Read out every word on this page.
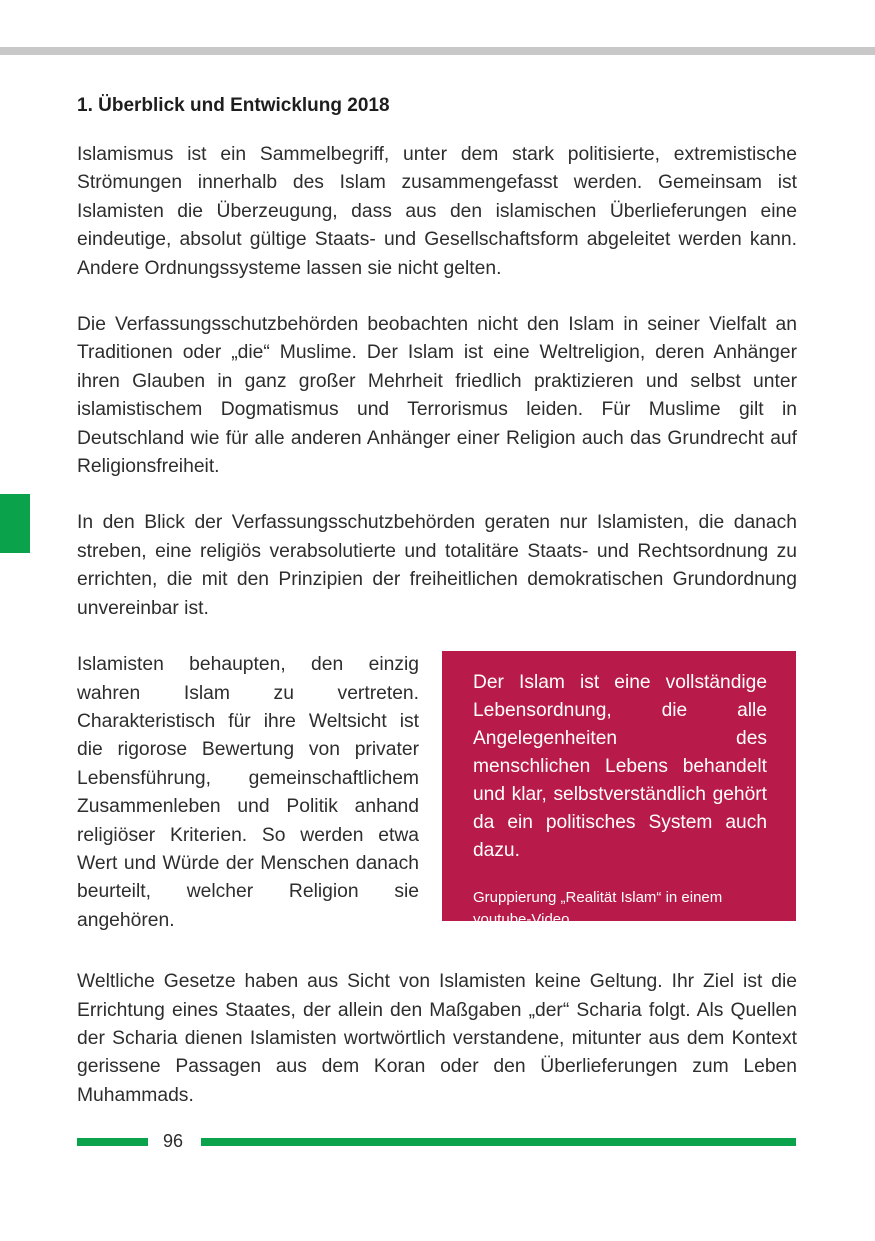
1. Überblick und Entwicklung 2018

Islamismus ist ein Sammelbegriff, unter dem stark politisierte, extremistische Strömungen innerhalb des Islam zusammengefasst werden. Gemeinsam ist Islamisten die Überzeugung, dass aus den islamischen Überlieferungen eine eindeutige, absolut gültige Staats- und Gesellschaftsform abgeleitet werden kann. Andere Ordnungssysteme lassen sie nicht gelten.

Die Verfassungsschutzbehörden beobachten nicht den Islam in seiner Vielfalt an Traditionen oder „die“ Muslime. Der Islam ist eine Weltreligion, deren Anhänger ihren Glauben in ganz großer Mehrheit friedlich praktizieren und selbst unter islamistischem Dogmatismus und Terrorismus leiden. Für Muslime gilt in Deutschland wie für alle anderen Anhänger einer Religion auch das Grundrecht auf Religionsfreiheit.

In den Blick der Verfassungsschutzbehörden geraten nur Islamisten, die danach streben, eine religiös verabsolutierte und totalitäre Staats- und Rechtsordnung zu errichten, die mit den Prinzipien der freiheitlichen demokratischen Grundordnung unvereinbar ist.

Islamisten behaupten, den einzig wahren Islam zu vertreten. Charakteristisch für ihre Weltsicht ist die rigorose Bewertung von privater Lebensführung, gemeinschaftlichem Zusammenleben und Politik anhand religiöser Kriterien. So werden etwa Wert und Würde der Menschen danach beurteilt, welcher Religion sie angehören.

Der Islam ist eine vollständige Lebensordnung, die alle Angelegenheiten des menschlichen Lebens behandelt und klar, selbstverständlich gehört da ein politisches System auch dazu.
Gruppierung „Realität Islam“ in einem youtube-Video

Weltliche Gesetze haben aus Sicht von Islamisten keine Geltung. Ihr Ziel ist die Errichtung eines Staates, der allein den Maßgaben „der“ Scharia folgt. Als Quellen der Scharia dienen Islamisten wortwörtlich verstandene, mitunter aus dem Kontext gerissene Passagen aus dem Koran oder den Überlieferungen zum Leben Muhammads.

96
